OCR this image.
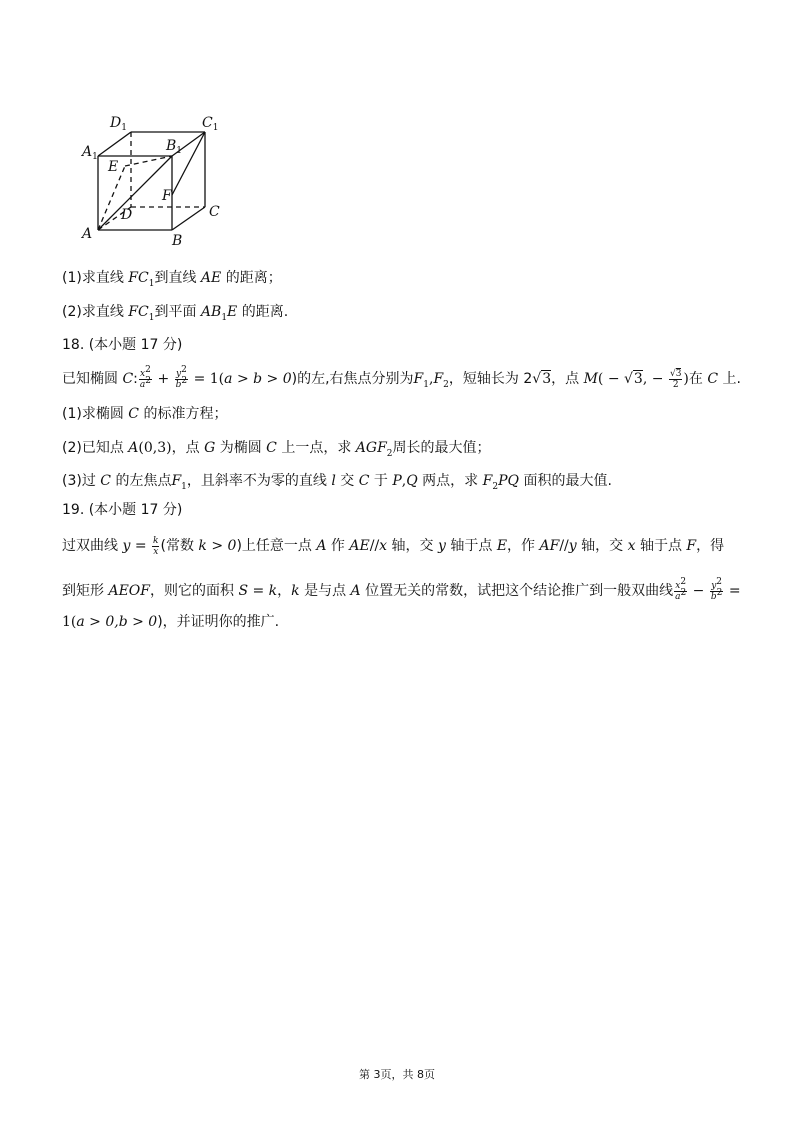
A	B
C
D
$A_1$
$B_1$
$C_1$
$D_1$
E
F
(1)求直线 $FC_1$到直线 AE 的距离；
(2)求直线 $FC_1$到平面 $AB_1E$ 的距离.
18. (本小题 17 分)
已知椭圆 C: $\frac{x^2}{a^2} + \frac{y^2}{b^2} = 1(a > b > 0)$的左,右焦点分别为$F_1,F_2$，短轴长为 2√3，点 M( − √3, − $\frac{√3}{2}$ )在 C 上.
(1)求椭圆 C 的标准方程；
(2)已知点 A(0,3)，点 G 为椭圆 C 上一点，求 $AGF_2$周长的最大值；
(3)过 C 的左焦点$F_1$，且斜率不为零的直线 l 交 C 于 P,Q 两点，求 $F_2PQ$ 面积的最大值.
19. (本小题 17 分)
过双曲线 $y = \frac{k}{x}$ (常数 k > 0)上任意一点 A 作 AE//x 轴，交 y 轴于点 E，作 AF//y 轴，交 x 轴于点 F，得
到矩形 AEOF，则它的面积 S = k，k 是与点 A 位置无关的常数，试把这个结论推广到一般双曲线 $\frac{x^2}{a^2} - \frac{y^2}{b^2}$ =
1(a > 0,b > 0)，并证明你的推广.
第 3页，共 8页
